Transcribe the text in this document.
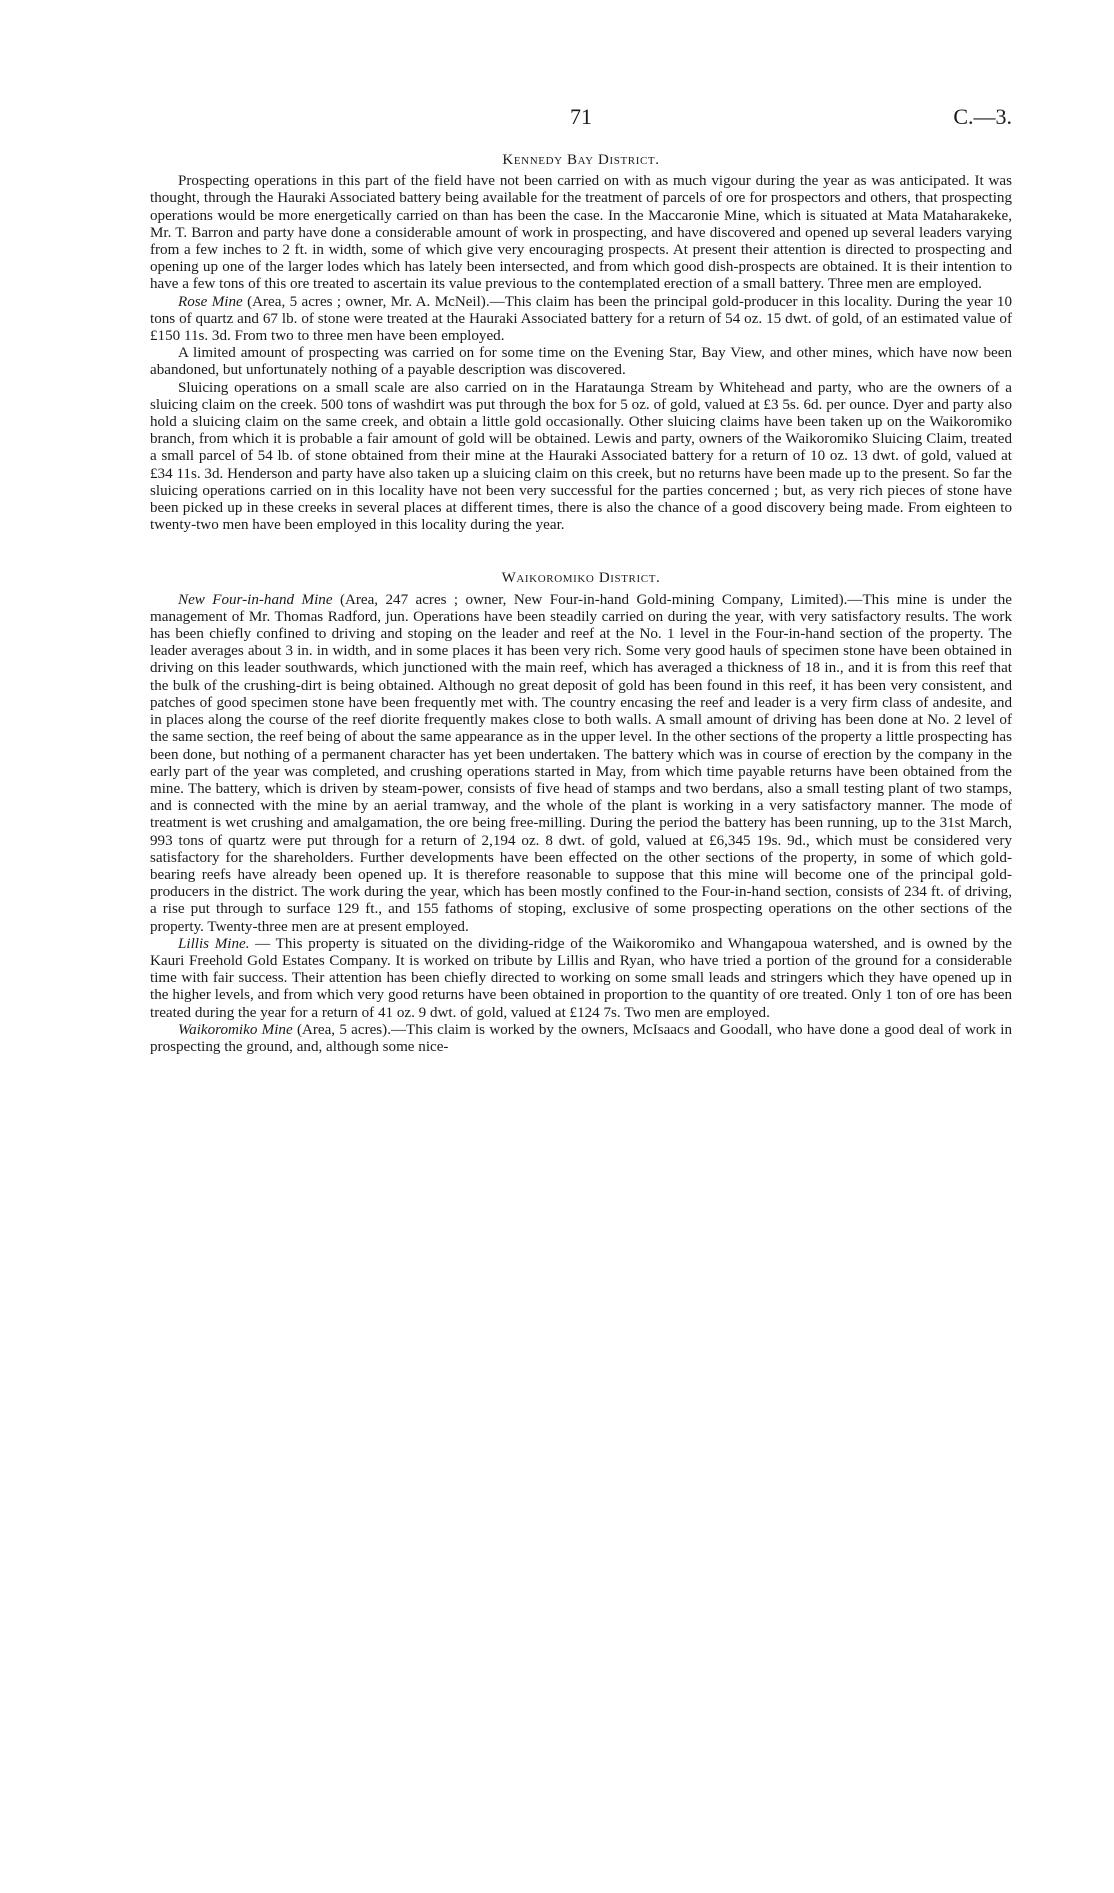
71	C.—3.
Kennedy Bay District.

Prospecting operations in this part of the field have not been carried on with as much vigour during the year as was anticipated. It was thought, through the Hauraki Associated battery being available for the treatment of parcels of ore for prospectors and others, that prospecting operations would be more energetically carried on than has been the case. In the Maccaronie Mine, which is situated at Mata Mataharakeke, Mr. T. Barron and party have done a considerable amount of work in prospecting, and have discovered and opened up several leaders varying from a few inches to 2 ft. in width, some of which give very encouraging prospects. At present their attention is directed to prospecting and opening up one of the larger lodes which has lately been intersected, and from which good dish-prospects are obtained. It is their intention to have a few tons of this ore treated to ascertain its value previous to the contemplated erection of a small battery. Three men are employed.

Rose Mine (Area, 5 acres ; owner, Mr. A. McNeil).—This claim has been the principal gold-producer in this locality. During the year 10 tons of quartz and 67 lb. of stone were treated at the Hauraki Associated battery for a return of 54 oz. 15 dwt. of gold, of an estimated value of £150 11s. 3d. From two to three men have been employed.

A limited amount of prospecting was carried on for some time on the Evening Star, Bay View, and other mines, which have now been abandoned, but unfortunately nothing of a payable description was discovered.

Sluicing operations on a small scale are also carried on in the Harataunga Stream by Whitehead and party, who are the owners of a sluicing claim on the creek. 500 tons of washdirt was put through the box for 5 oz. of gold, valued at £3 5s. 6d. per ounce. Dyer and party also hold a sluicing claim on the same creek, and obtain a little gold occasionally. Other sluicing claims have been taken up on the Waikoromiko branch, from which it is probable a fair amount of gold will be obtained. Lewis and party, owners of the Waikoromiko Sluicing Claim, treated a small parcel of 54 lb. of stone obtained from their mine at the Hauraki Associated battery for a return of 10 oz. 13 dwt. of gold, valued at £34 11s. 3d. Henderson and party have also taken up a sluicing claim on this creek, but no returns have been made up to the present. So far the sluicing operations carried on in this locality have not been very successful for the parties concerned ; but, as very rich pieces of stone have been picked up in these creeks in several places at different times, there is also the chance of a good discovery being made. From eighteen to twenty-two men have been employed in this locality during the year.

Waikoromiko District.

New Four-in-hand Mine (Area, 247 acres ; owner, New Four-in-hand Gold-mining Company, Limited).—This mine is under the management of Mr. Thomas Radford, jun. Operations have been steadily carried on during the year, with very satisfactory results. The work has been chiefly confined to driving and stoping on the leader and reef at the No. 1 level in the Four-in-hand section of the property. The leader averages about 3 in. in width, and in some places it has been very rich. Some very good hauls of specimen stone have been obtained in driving on this leader southwards, which junctioned with the main reef, which has averaged a thickness of 18 in., and it is from this reef that the bulk of the crushing-dirt is being obtained. Although no great deposit of gold has been found in this reef, it has been very consistent, and patches of good specimen stone have been frequently met with. The country encasing the reef and leader is a very firm class of andesite, and in places along the course of the reef diorite frequently makes close to both walls. A small amount of driving has been done at No. 2 level of the same section, the reef being of about the same appearance as in the upper level. In the other sections of the property a little prospecting has been done, but nothing of a permanent character has yet been undertaken. The battery which was in course of erection by the company in the early part of the year was completed, and crushing operations started in May, from which time payable returns have been obtained from the mine. The battery, which is driven by steam-power, consists of five head of stamps and two berdans, also a small testing plant of two stamps, and is connected with the mine by an aerial tramway, and the whole of the plant is working in a very satisfactory manner. The mode of treatment is wet crushing and amalgamation, the ore being free-milling. During the period the battery has been running, up to the 31st March, 993 tons of quartz were put through for a return of 2,194 oz. 8 dwt. of gold, valued at £6,345 19s. 9d., which must be considered very satisfactory for the shareholders. Further developments have been effected on the other sections of the property, in some of which gold-bearing reefs have already been opened up. It is therefore reasonable to suppose that this mine will become one of the principal gold-producers in the district. The work during the year, which has been mostly confined to the Four-in-hand section, consists of 234 ft. of driving, a rise put through to surface 129 ft., and 155 fathoms of stoping, exclusive of some prospecting operations on the other sections of the property. Twenty-three men are at present employed.

Lillis Mine. — This property is situated on the dividing-ridge of the Waikoromiko and Whangapoua watershed, and is owned by the Kauri Freehold Gold Estates Company. It is worked on tribute by Lillis and Ryan, who have tried a portion of the ground for a considerable time with fair success. Their attention has been chiefly directed to working on some small leads and stringers which they have opened up in the higher levels, and from which very good returns have been obtained in proportion to the quantity of ore treated. Only 1 ton of ore has been treated during the year for a return of 41 oz. 9 dwt. of gold, valued at £124 7s. Two men are employed.

Waikoromiko Mine (Area, 5 acres).—This claim is worked by the owners, McIsaacs and Goodall, who have done a good deal of work in prospecting the ground, and, although some nice-
